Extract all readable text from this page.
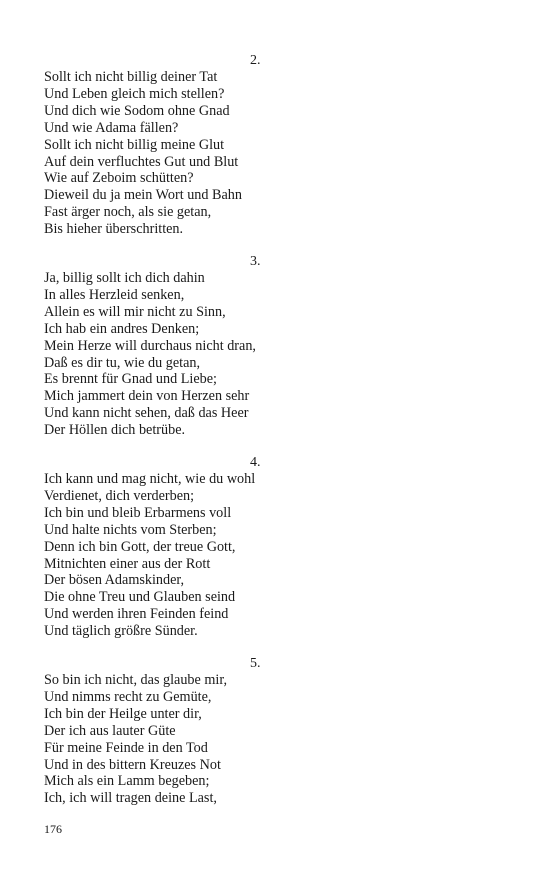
2.
Sollt ich nicht billig deiner Tat
Und Leben gleich mich stellen?
Und dich wie Sodom ohne Gnad
Und wie Adama fällen?
Sollt ich nicht billig meine Glut
Auf dein verfluchtes Gut und Blut
Wie auf Zeboim schütten?
Dieweil du ja mein Wort und Bahn
Fast ärger noch, als sie getan,
Bis hieher überschritten.
3.
Ja, billig sollt ich dich dahin
In alles Herzleid senken,
Allein es will mir nicht zu Sinn,
Ich hab ein andres Denken;
Mein Herze will durchaus nicht dran,
Daß es dir tu, wie du getan,
Es brennt für Gnad und Liebe;
Mich jammert dein von Herzen sehr
Und kann nicht sehen, daß das Heer
Der Höllen dich betrübe.
4.
Ich kann und mag nicht, wie du wohl
Verdienet, dich verderben;
Ich bin und bleib Erbarmens voll
Und halte nichts vom Sterben;
Denn ich bin Gott, der treue Gott,
Mitnichten einer aus der Rott
Der bösen Adamskinder,
Die ohne Treu und Glauben seind
Und werden ihren Feinden feind
Und täglich größre Sünder.
5.
So bin ich nicht, das glaube mir,
Und nimms recht zu Gemüte,
Ich bin der Heilge unter dir,
Der ich aus lauter Güte
Für meine Feinde in den Tod
Und in des bittern Kreuzes Not
Mich als ein Lamm begeben;
Ich, ich will tragen deine Last,
176
